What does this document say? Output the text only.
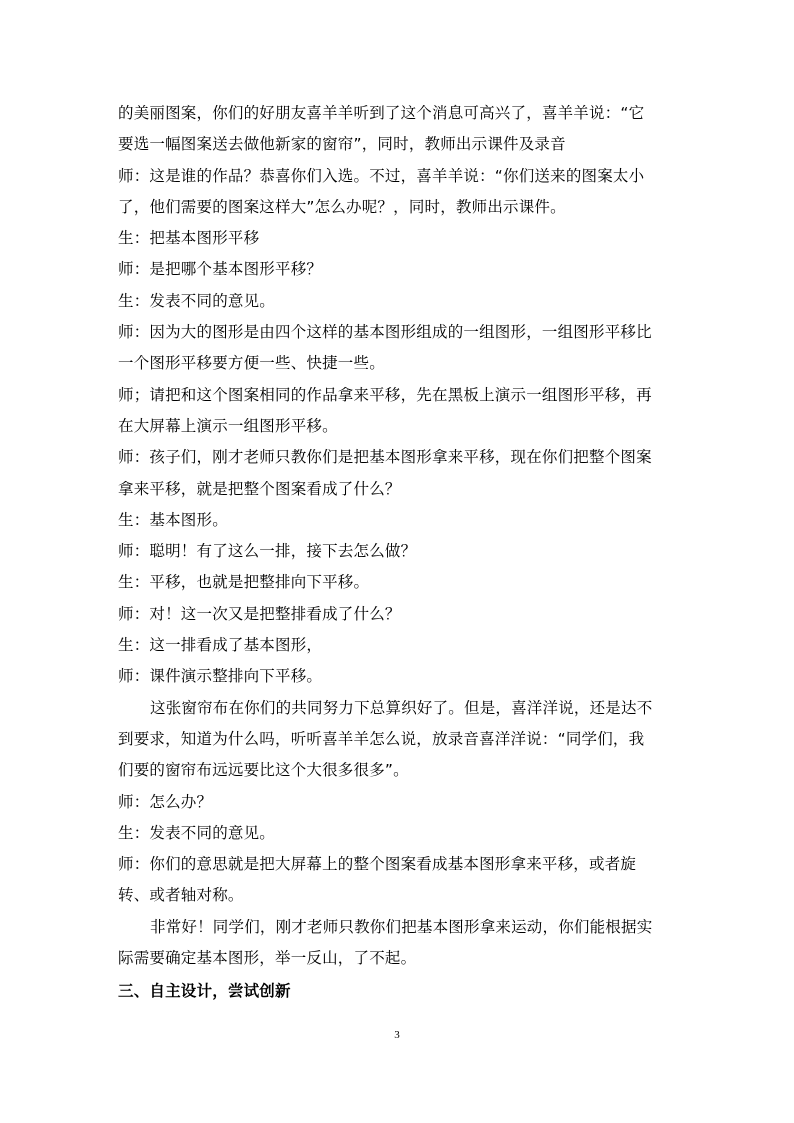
的美丽图案，你们的好朋友喜羊羊听到了这个消息可高兴了，喜羊羊说：“它
要选一幅图案送去做他新家的窗帘”，同时，教师出示课件及录音
师：这是谁的作品？恭喜你们入选。不过，喜羊羊说：“你们送来的图案太小
了，他们需要的图案这样大”怎么办呢？，同时，教师出示课件。
生：把基本图形平移
师：是把哪个基本图形平移？
生：发表不同的意见。
师：因为大的图形是由四个这样的基本图形组成的一组图形，一组图形平移比
一个图形平移要方便一些、快捷一些。
师；请把和这个图案相同的作品拿来平移，先在黑板上演示一组图形平移，再
在大屏幕上演示一组图形平移。
师：孩子们，刚才老师只教你们是把基本图形拿来平移，现在你们把整个图案
拿来平移，就是把整个图案看成了什么？
生：基本图形。
师：聪明！有了这么一排，接下去怎么做？
生：平移，也就是把整排向下平移。
师：对！这一次又是把整排看成了什么？
生：这一排看成了基本图形，
师：课件演示整排向下平移。
这张窗帘布在你们的共同努力下总算织好了。但是，喜洋洋说，还是达不
到要求，知道为什么吗，听听喜羊羊怎么说，放录音喜洋洋说：“同学们，我
们要的窗帘布远远要比这个大很多很多”。
师：怎么办？
生：发表不同的意见。
师：你们的意思就是把大屏幕上的整个图案看成基本图形拿来平移，或者旋
转、或者轴对称。
非常好！同学们，刚才老师只教你们把基本图形拿来运动，你们能根据实
际需要确定基本图形，举一反山，了不起。
三、自主设计，尝试创新
3
